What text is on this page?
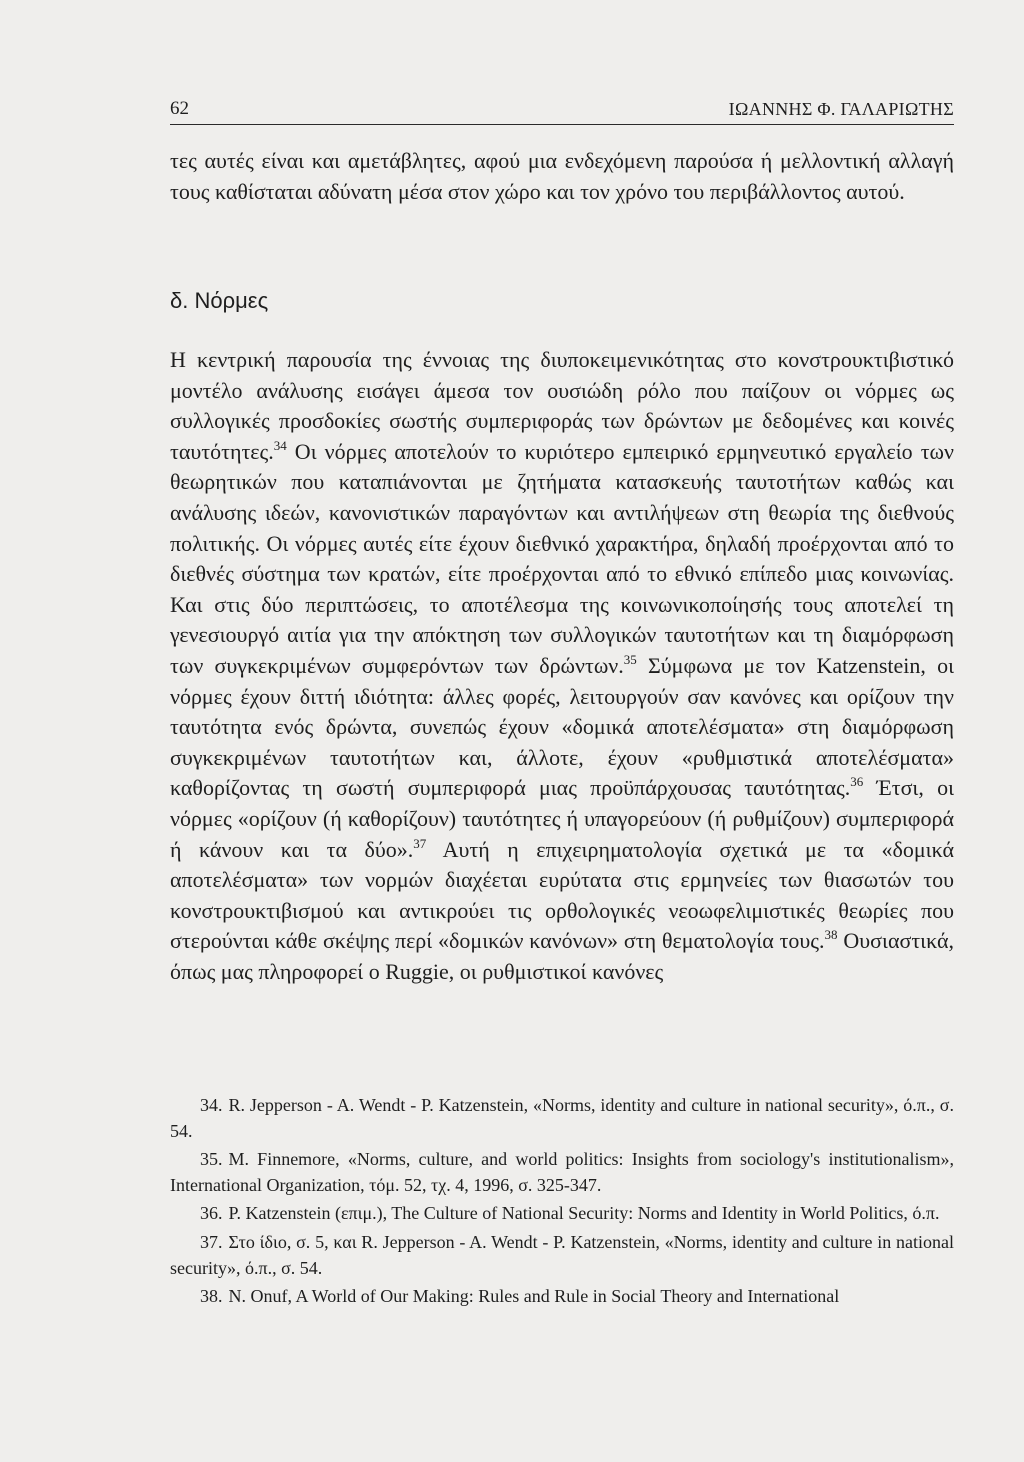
62	ΙΩΑΝΝΗΣ Φ. ΓΑΛΑΡΙΩΤΗΣ

τες αυτές είναι και αμετάβλητες, αφού μια ενδεχόμενη παρούσα ή μελλοντική αλλαγή τους καθίσταται αδύνατη μέσα στον χώρο και τον χρόνο του περιβάλλοντος αυτού.

δ. Νόρμες

Η κεντρική παρουσία της έννοιας της διυποκειμενικότητας στο κονστρουκτιβιστικό μοντέλο ανάλυσης εισάγει άμεσα τον ουσιώδη ρόλο που παίζουν οι νόρμες ως συλλογικές προσδοκίες σωστής συμπεριφοράς των δρώντων με δεδομένες και κοινές ταυτότητες.$^{34}$ Οι νόρμες αποτελούν το κυριότερο εμπειρικό ερμηνευτικό εργαλείο των θεωρητικών που καταπιάνονται με ζητήματα κατασκευής ταυτοτήτων καθώς και ανάλυσης ιδεών, κανονιστικών παραγόντων και αντιλήψεων στη θεωρία της διεθνούς πολιτικής. Οι νόρμες αυτές είτε έχουν διεθνικό χαρακτήρα, δηλαδή προέρχονται από το διεθνές σύστημα των κρατών, είτε προέρχονται από το εθνικό επίπεδο μιας κοινωνίας. Και στις δύο περιπτώσεις, το αποτέλεσμα της κοινωνικοποίησής τους αποτελεί τη γενεσιουργό αιτία για την απόκτηση των συλλογικών ταυτοτήτων και τη διαμόρφωση των συγκεκριμένων συμφερόντων των δρώντων.$^{35}$ Σύμφωνα με τον Katzenstein, οι νόρμες έχουν διττή ιδιότητα: άλλες φορές, λειτουργούν σαν κανόνες και ορίζουν την ταυτότητα ενός δρώντα, συνεπώς έχουν «δομικά αποτελέσματα» στη διαμόρφωση συγκεκριμένων ταυτοτήτων και, άλλοτε, έχουν «ρυθμιστικά αποτελέσματα» καθορίζοντας τη σωστή συμπεριφορά μιας προϋπάρχουσας ταυτότητας.$^{36}$ Έτσι, οι νόρμες «ορίζουν (ή καθορίζουν) ταυτότητες ή υπαγορεύουν (ή ρυθμίζουν) συμπεριφορά ή κάνουν και τα δύο».$^{37}$ Αυτή η επιχειρηματολογία σχετικά με τα «δομικά αποτελέσματα» των νορμών διαχέεται ευρύτατα στις ερμηνείες των θιασωτών του κονστρουκτιβισμού και αντικρούει τις ορθολογικές νεοωφελιμιστικές θεωρίες που στερούνται κάθε σκέψης περί «δομικών κανόνων» στη θεματολογία τους.$^{38}$ Ουσιαστικά, όπως μας πληροφορεί ο Ruggie, οι ρυθμιστικοί κανόνες

34. R. Jepperson - A. Wendt - P. Katzenstein, «Norms, identity and culture in national security», ό.π., σ. 54.
35. M. Finnemore, «Norms, culture, and world politics: Insights from sociology's institutionalism», International Organization, τόμ. 52, τχ. 4, 1996, σ. 325-347.
36. P. Katzenstein (επιμ.), The Culture of National Security: Norms and Identity in World Politics, ό.π.
37. Στο ίδιο, σ. 5, και R. Jepperson - A. Wendt - P. Katzenstein, «Norms, identity and culture in national security», ό.π., σ. 54.
38. N. Onuf, A World of Our Making: Rules and Rule in Social Theory and International
